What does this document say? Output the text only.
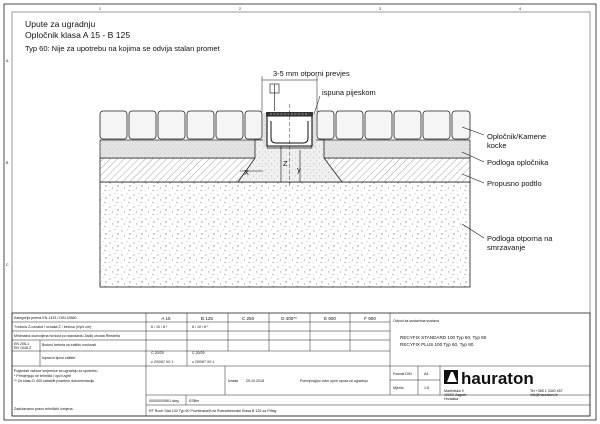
1	2	3	4
A
B
C
Upute za ugradnju
Opločnik klasa A 15 - B 125
Typ 60: Nije za upotrebu na kojima se odvija stalan promet
3-5 mm otporni prevjes
ispuna pijeskom
X
Z
y
Opločnik/Kamene
kocke
Podloga opločnika
Propusno podtlo
Podloga otporna na
smrzavanje
Kategorija prema EN 1433 / DIN 19580
Tvrdoća Z-oznaka / oznaka Z / betona (x/y/z cm)
Minimalna dozvoljena tvrdoća po standardu Zadilj uhvata Rhedella
EN 206-1
EN 1045-2
Bodovi betona za zaštitu nosivosti
Ispravni tipovi zaštite
A 15	B 125	C 250	D 400**	E 600	F 900
6 / 10 / 8 *	6 / 10 / 8 *
C 20/25	C 20/25
≥ 200/67 X0 1	≥ 200/67 X0 1
Pogledati važeće smjernice za ugradnju za upotrebu
* Primjenjuju se tehnički i opći uvjeti
** Za klasu D 400 zatražiti posebnu dokumentaciju
Zadržavamo pravo tehničkih izmjena
Odvod sa sustavima sustava
RECYFIX STANDARD 100 Typ 60, Typ 80
RECYFIX PLUS 100 Typ 60, Typ 80
Izrada 29.10.2018	Pomnjivaj/po ovim opće uputa za ugradnju
Format DIN	A4
Mjerilo	1:5
000000/008/1.dwg	ESBm
RF Rooh Stat 100 Typ 60 Površinska/Kovi Rubnobetonski Klasa B 125 za Prilag
hauraton
Madridska 9
10000 Zagreb
Hrvatska
Tel +385 1 3340 457
info@hauraton.hr
